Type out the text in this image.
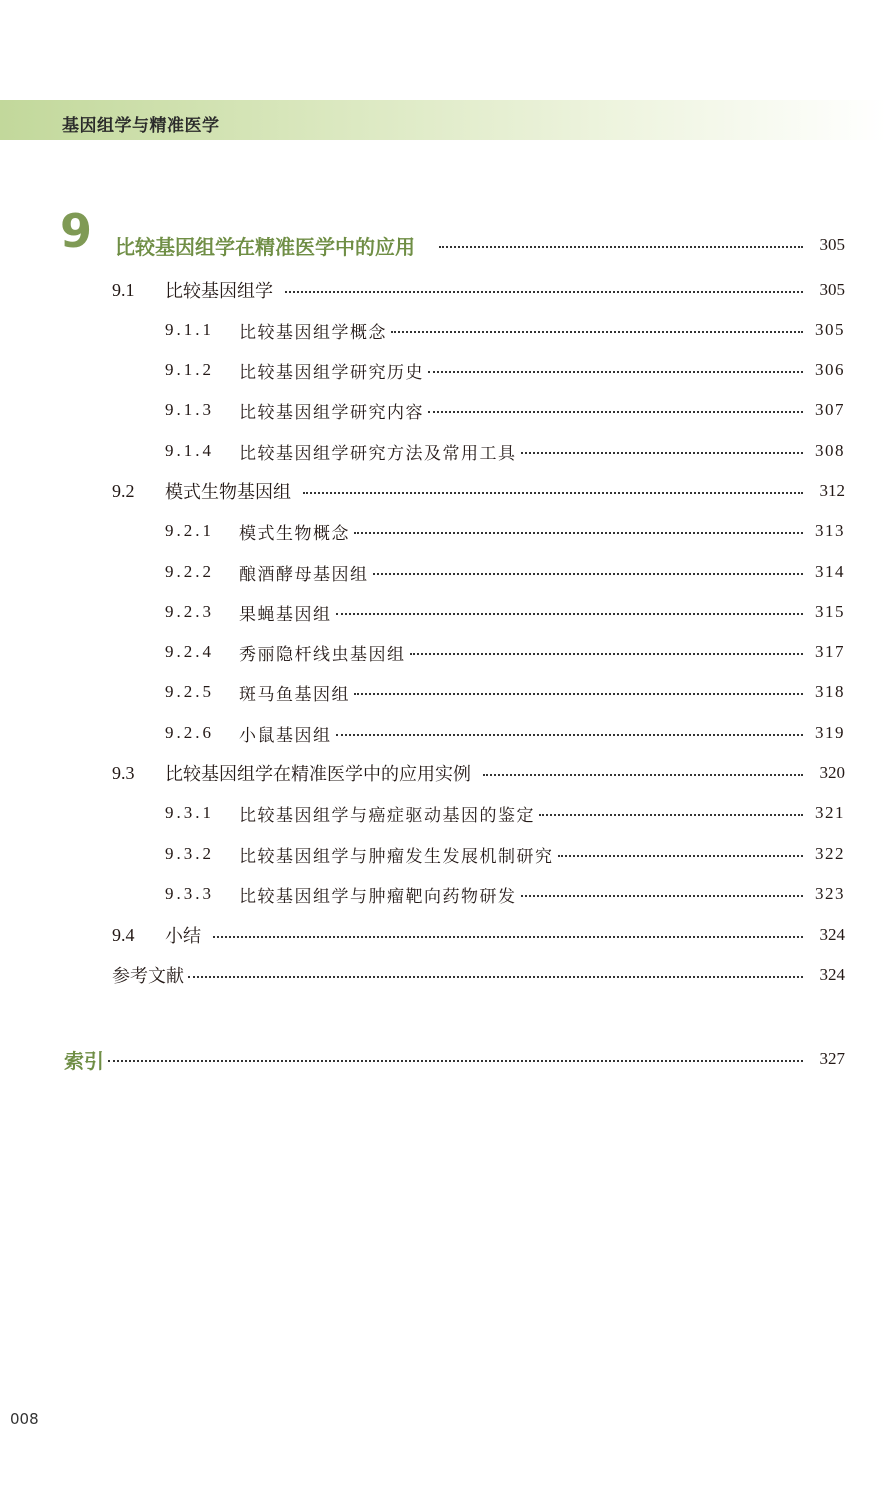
基因组学与精准医学
9 比较基因组学在精准医学中的应用	305
9.1	比较基因组学	305
9.1.1	比较基因组学概念	305
9.1.2	比较基因组学研究历史	306
9.1.3	比较基因组学研究内容	307
9.1.4	比较基因组学研究方法及常用工具	308
9.2	模式生物基因组	312
9.2.1	模式生物概念	313
9.2.2	酿酒酵母基因组	314
9.2.3	果蝇基因组	315
9.2.4	秀丽隐杆线虫基因组	317
9.2.5	斑马鱼基因组	318
9.2.6	小鼠基因组	319
9.3	比较基因组学在精准医学中的应用实例	320
9.3.1	比较基因组学与癌症驱动基因的鉴定	321
9.3.2	比较基因组学与肿瘤发生发展机制研究	322
9.3.3	比较基因组学与肿瘤靶向药物研发	323
9.4	小结	324
参考文献	324
索引	327
008
